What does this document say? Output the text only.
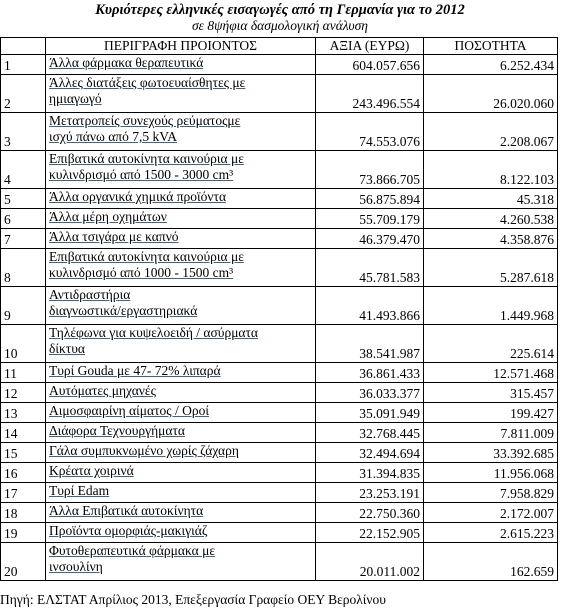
Κυριότερες ελληνικές εισαγωγές από τη Γερμανία για το 2012
σε 8ψήφια δασμολογική ανάλυση
	ΠΕΡΙΓΡΑΦΗ ΠΡΟΙΟΝΤΟΣ	ΑΞΙΑ (ΕΥΡΩ)	ΠΟΣΟΤΗΤΑ
1	Άλλα φάρμακα θεραπευτικά	604.057.656	6.252.434
2	Άλλες διατάξεις φωτοευαίσθητες με
ημιαγωγό	243.496.554	26.020.060
3	Μετατροπείς συνεχούς ρεύματοςμε
ισχύ πάνω από 7,5 kVA	74.553.076	2.208.067
4	Επιβατικά αυτοκίνητα καινούρια με
κυλινδρισμό από 1500 - 3000 cm³	73.866.705	8.122.103
5	Άλλα οργανικά χημικά προϊόντα	56.875.894	45.318
6	Άλλα μέρη οχημάτων	55.709.179	4.260.538
7	Άλλα τσιγάρα με καπνό	46.379.470	4.358.876
8	Επιβατικά αυτοκίνητα καινούρια με
κυλινδρισμό από 1000 - 1500 cm³	45.781.583	5.287.618
9	Αντιδραστήρια
διαγνωστικά/εργαστηριακά	41.493.866	1.449.968
10	Τηλέφωνα για κυψελοειδή / ασύρματα
δίκτυα	38.541.987	225.614
11	Τυρί Gouda με 47- 72% λιπαρά	36.861.433	12.571.468
12	Αυτόματες μηχανές	36.033.377	315.457
13	Αιμοσφαιρίνη αίματος / Οροί	35.091.949	199.427
14	Διάφορα Τεχνουργήματα	32.768.445	7.811.009
15	Γάλα συμπυκνωμένο χωρίς ζάχαρη	32.494.694	33.392.685
16	Κρέατα χοιρινά	31.394.835	11.956.068
17	Τυρί Edam	23.253.191	7.958.829
18	Άλλα Επιβατικά αυτοκίνητα	22.750.360	2.172.007
19	Προϊόντα ομορφιάς-μακιγιάζ	22.152.905	2.615.223
20	Φυτοθεραπευτικά φάρμακα με
ινσουλίνη	20.011.002	162.659
Πηγή: ΕΛΣΤΑΤ Απρίλιος 2013, Επεξεργασία Γραφείο ΟΕΥ Βερολίνου
